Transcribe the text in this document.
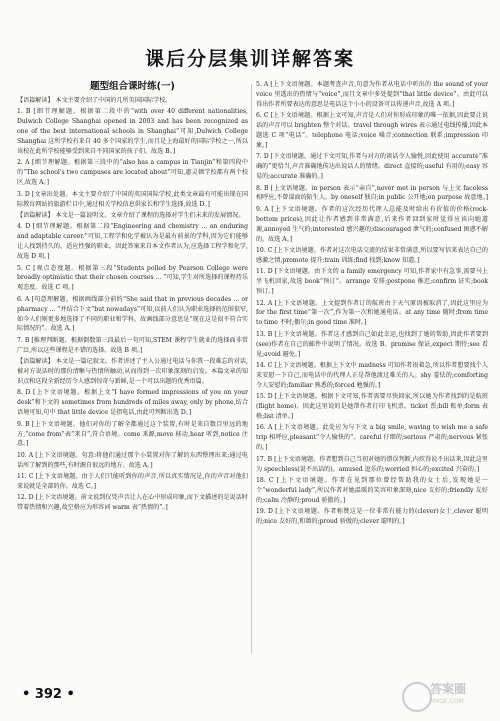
课后分层集训详解答案
题型组合课时练(一)

【语篇解读】 本文主要介绍了中国的几所英国国际学校。

1. B [细节理解题。根据第二段中的“with over 40 different nationalities, Dulwich College Shanghai opened in 2003 and has been recognized as one of the best international schools in Shanghai”可知,Dulwich College Shanghai 这所学校有来自 40 多个国家的学生,而且是上海最好的国际学校之一,所以该校在此所学校能够受到来自不同国家的孩子们。故选 B。]

2. A [细节理解题。根据第三段中的“also has a campus in Tianjin”和第四段中的“The school's two campuses are located about”可知,惠灵顿学校都有两个校区,故选 A。]

3. D [文章出处题。本文主要介绍了中国的英国国际学校,此类文章最有可能出现在国际教育网站的旅游栏目中,通过相关学校信息供家长和学生选择,故选 D。]

【语篇解读】 本文是一篇说明文。文章介绍了课程的选择对学生们未来的发展情况。

4. D [细节理解题。根据第二段“Engineering and chemistry ... an enduring and adaptable career.”可知,工程学和化学被认为是最有前景的学科,因为它们能够让人找到持久的、适应性强的职业。因此答案来自本文作者认为,应选择工程学和化学,故选 D 项。]

5. C [观点态度题。根据第三段“Students polled by Pearson College were broadly optimistic that their chosen courses ... ”可知,学生对所选择的课程持乐观态度。故选 C 项。]

6. A [句意理解题。根据画线部分前的“She said that in previous decades ... or pharmacy ... ”并结合下文“but nowadays”可知,以前人们认为职业选择的范围很窄,如今人们则更多地选择了不同的职业和学科。故画线部分意思是“现在这是很不符合实际情况的”。故选 A。]

7. B [推理判断题。根据倒数第三段最后一句可知,STEM 课程学生就业的选择面非常广泛,所以这些课程是不错的选择。故选 B 项。]

【语篇解读】 本文是一篇记叙文。作者讲述了主人公通过电话与你我一段难忘的对话,被对方说话时的那份清晰与热情所触动,从而得到一次印象深刻的启发。本篇文章的知识点和这段全新经历令人感到惊奇与新鲜,是一个可以出题的优秀语篇。

8. D [上下文语境题。根据上文“I have formed impressions of you on your desk”和下文的 sometimes from hundreds of miles away, only by phone,结合语境可知,句中 that little device 是指电话,由此可判断出选 D。]

9. B [上下文语境题。他们对你的了解全都通过这个装置,有时是来自数百里远的地方,“come from”表“来自”,符合语境。come 来源,move 移动,hear 听到,notice 注意。]

10. A [上下文语境题。句意:将他们通过那个小装置对你了解的东西整理出来;通过电话所了解到的那些,有时源自很远的地方。故选 A。]

11. C [上下文语境题。由于人们只能听到你的声音,所以真实情况是,你的声音对他们来说就是全部的你。故选 C。]

12. D [上下文语境题。前文说到仅凭声音让人在心中形成印象,而下文描述的是说话时带着热情和兴趣,故空格应为形容词 warm 表“热情的”。]

5. A [上下文语境题。本题考查声音,句意为作者从电话中听出的 the sound of your voice 里透出的热情与“voice”,而且文章中多处提到“that little device”。由此可以得出作者所要表达的意思是电话这个小小的设备可以传递声音,故选 A 项。]

6. C [上下文语境题。根据上文可知,声音是人们对你形成印象的唯一依据,因此要让说话的声音可以 brighten 整个对话。travel through wires 表示通过电线传播,因此本题选 C 项“电话”。telephone 电话;voice 嗓音;connection 联系;impression 印象。]

7. D [下文语境题。通过下文可知,作者与对方的谈话令人愉悦,因此使用 accurate“准确的”更恰当,声音准确地传达出说话人的情绪。direct 直接的;useful 有用的;easy 容易的;accurate 准确的。]

8. B [上文语境题。in person 表示“亲自”,never met in person 与上文 faceless 相呼应,不曾谋面的陌生人。by oneself 独自;in public 公开地;on purpose 故意地。]

9. A [上下文语境题。作者的这次经历代理人总能及时给出有价值的价格(rock-bottom prices),因此让作者感到非常满意,后来作者回到家时觉得应该向她道谢,annoyed 生气的;interested 感兴趣的;discouraged 泄气的;confused 困惑不解的。故选 A。]

10. C [上下文语境题。作者对这次电话交流的结果非常满意,所以要写信来表达自己的感激之情,promote 提升;train 训练;find 找到;know 知道。]

11. D [下文语境题。由下文的 a family emergency 可知,作者家中有急事,需要马上坐飞机回家,故选 book“预订”。arrange 安排;postpone 推迟;confirm 证实;book 预订。]

12. A [上下文语境题。上文提到作者订的航班由于天气原因被取消了,因此这里应为 for the first time“第一次”,作为第一次和她通电话。at any time 随时;from time to time 不时;偶尔;in good time 准时。]

13. B [上下文语境题。作者这才感到自己如此幸运,也找到了她的帮助,因此作者要到(see)作者在自己的邮件中说明了情况。故选 B。promise 保证,expect 期待;see 看见;avoid 避免。]

14. C [上下文语境题。根据上下文中 madness 可知作者很着急,所以作者想要找个人来安慰一下自己,而电话中的代理人正是帮他渡过难关的人。shy 羞怯的;comforting 令人安慰的;familiar 熟悉的;forced 勉强的。]

15. D [上下文语境题。根据下文可知,作者需要尽快回家,所以她为作者找到的是航班(flight home)。因此这里说的是她帮作者打印飞机票。ticket 票;bill 账单;form 表格;list 清单。]

16. A [上下文语境题。此处应为与下文 a big smile, waving to wish me a safe trip 相呼应,pleasant“令人愉快的”。careful 仔细的;serious 严肃的;nervous 紧张的。]

17. B [上下文语境题。作者想到自己当初对她的错误判断,内疚得说不出话来,因此这里为 speechless(说不出话的)。amused 逗乐的;worried 担心的;excited 兴奋的。]

18. C [上下文语境题。作者在见到那位曾经帮助我的女士后,发现她是一个“wonderful lady”,所以作者对她温暖的笑容印象深刻,nice 友好的;friendly 友好的;calm 冷静的;proud 骄傲的。]

19. D [上下文语境题。作者称赞这是一位非常有能力的(clever)女士,clever 聪明的;nice 友好的,和蔼的;proud 骄傲的;clever 聪明的。]

• 392 •	答案圈
MXQE.COM
